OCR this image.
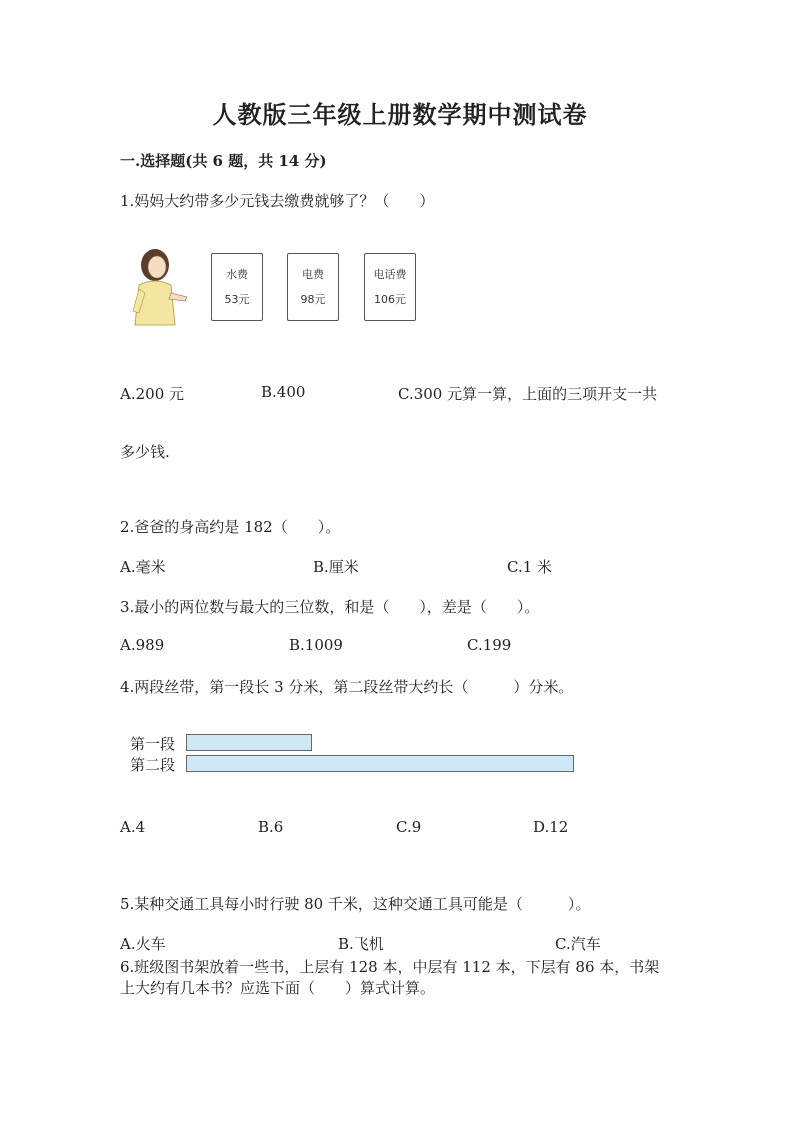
人教版三年级上册数学期中测试卷
一.选择题(共 6 题，共 14 分)
1.妈妈大约带多少元钱去缴费就够了？（　　）
水费
53元
电费
98元
电话费
106元
A.200 元	B.400	C.300 元算一算，上面的三项开支一共
多少钱.
2.爸爸的身高约是 182（　　）。
A.毫米	B.厘米	C.1 米
3.最小的两位数与最大的三位数，和是（　　），差是（　　）。
A.989	B.1009	C.199
4.两段丝带，第一段长 3 分米，第二段丝带大约长（　　　）分米。
第一段
第二段
A.4	B.6	C.9	D.12
5.某种交通工具每小时行驶 80 千米，这种交通工具可能是（　　　）。
A.火车	B.飞机	C.汽车
6.班级图书架放着一些书，上层有 128 本，中层有 112 本，下层有 86 本，书架
上大约有几本书？应选下面（　　）算式计算。
